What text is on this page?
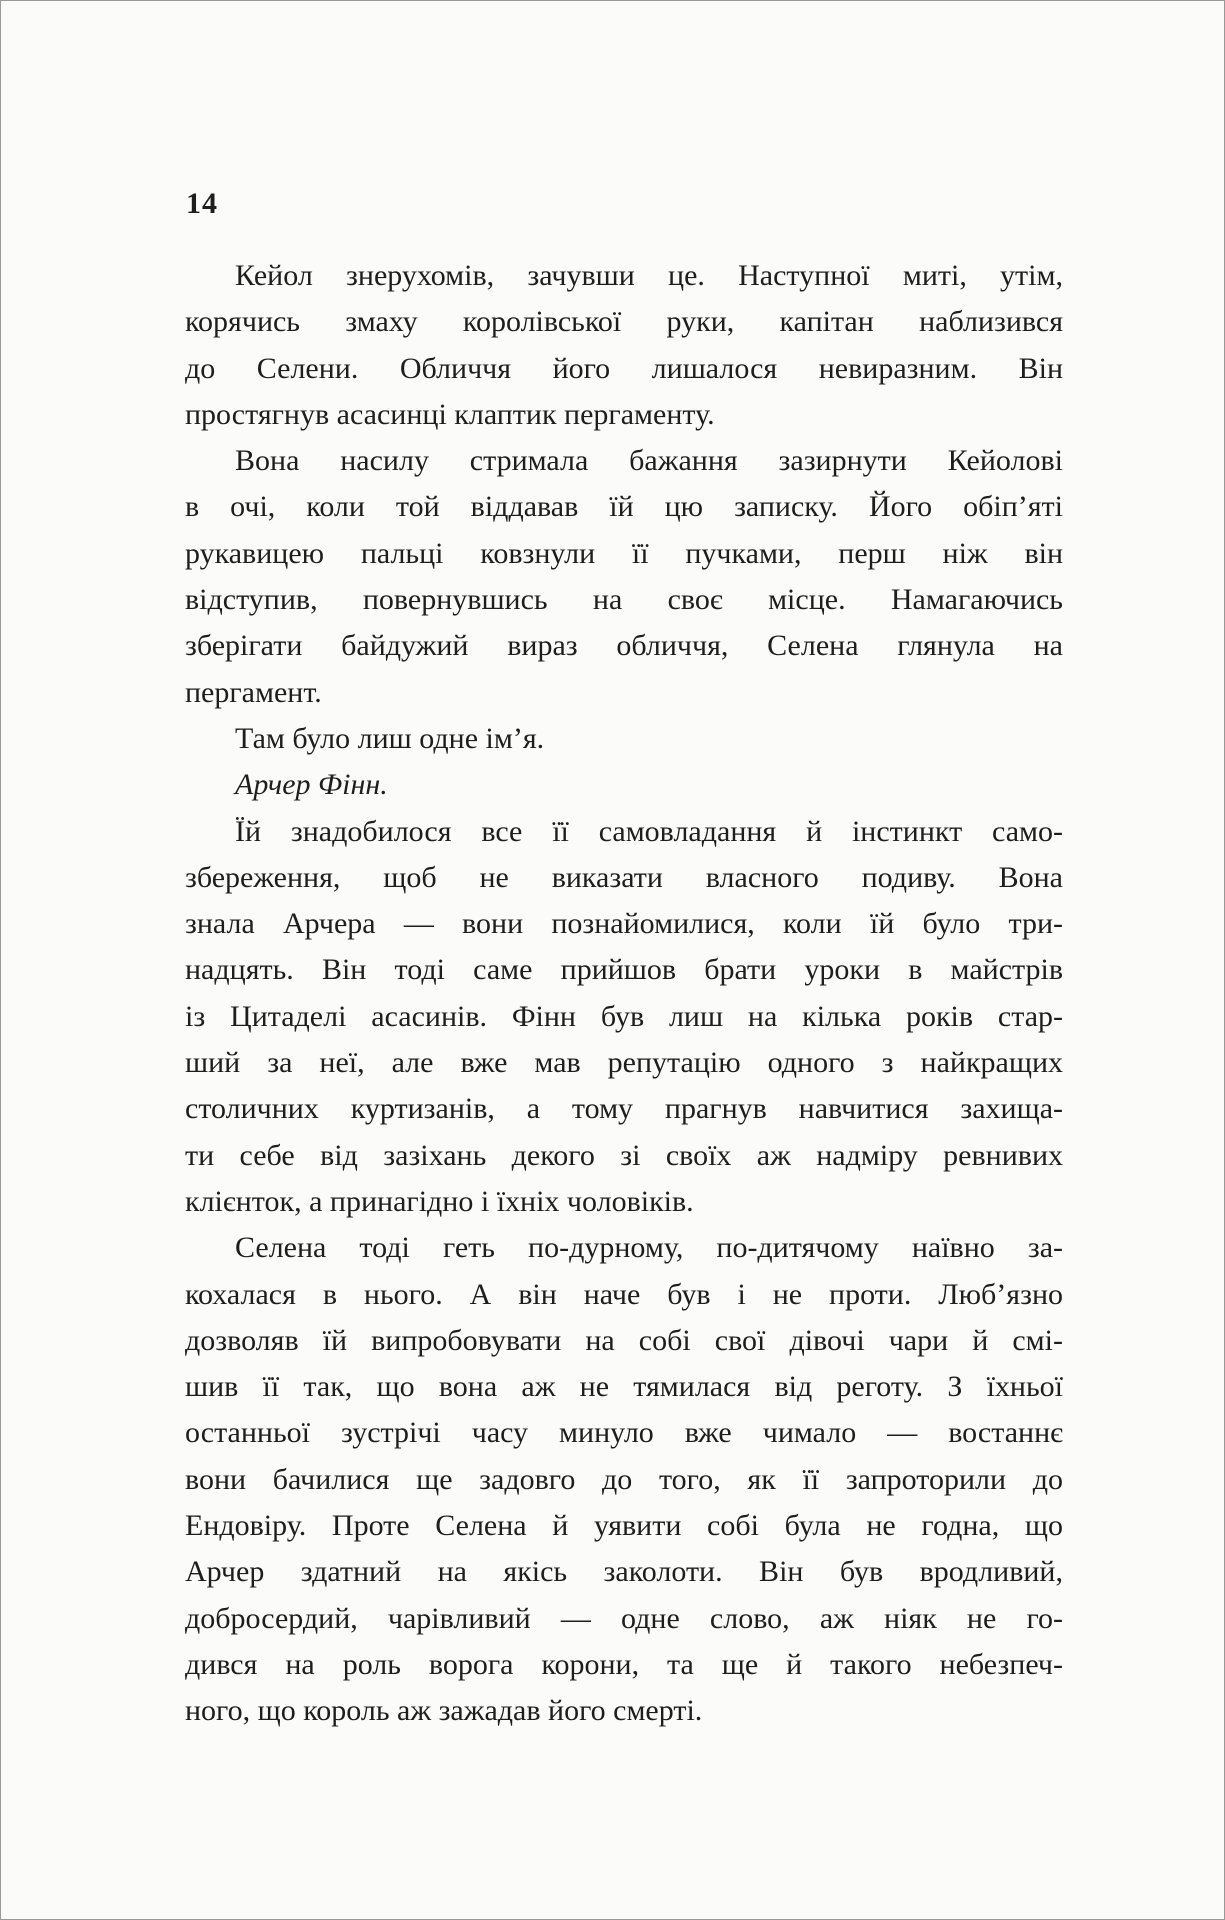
14
Кейол знерухомів, зачувши це. Наступної миті, утім,
корячись змаху королівської руки, капітан наблизився
до Селени. Обличчя його лишалося невиразним. Він
простягнув асасинці клаптик пергаменту.
Вона насилу стримала бажання зазирнути Кейолові
в очі, коли той віддавав їй цю записку. Його обіп’яті
рукавицею пальці ковзнули її пучками, перш ніж він
відступив, повернувшись на своє місце. Намагаючись
зберігати байдужий вираз обличчя, Селена глянула на
пергамент.
Там було лиш одне ім’я.
Арчер Фінн.
Їй знадобилося все її самовладання й інстинкт само-
збереження, щоб не виказати власного подиву. Вона
знала Арчера — вони познайомилися, коли їй було три-
надцять. Він тоді саме прийшов брати уроки в майстрів
із Цитаделі асасинів. Фінн був лиш на кілька років стар-
ший за неї, але вже мав репутацію одного з найкращих
столичних куртизанів, а тому прагнув навчитися захища-
ти себе від зазіхань декого зі своїх аж надміру ревнивих
клієнток, а принагідно і їхніх чоловіків.
Селена тоді геть по-дурному, по-дитячому наївно за-
кохалася в нього. А він наче був і не проти. Люб’язно
дозволяв їй випробовувати на собі свої дівочі чари й смі-
шив її так, що вона аж не тямилася від реготу. З їхньої
останньої зустрічі часу минуло вже чимало — востаннє
вони бачилися ще задовго до того, як її запроторили до
Ендовіру. Проте Селена й уявити собі була не годна, що
Арчер здатний на якісь заколоти. Він був вродливий,
добросердий, чарівливий — одне слово, аж ніяк не го-
дився на роль ворога корони, та ще й такого небезпеч-
ного, що король аж зажадав його смерті.
